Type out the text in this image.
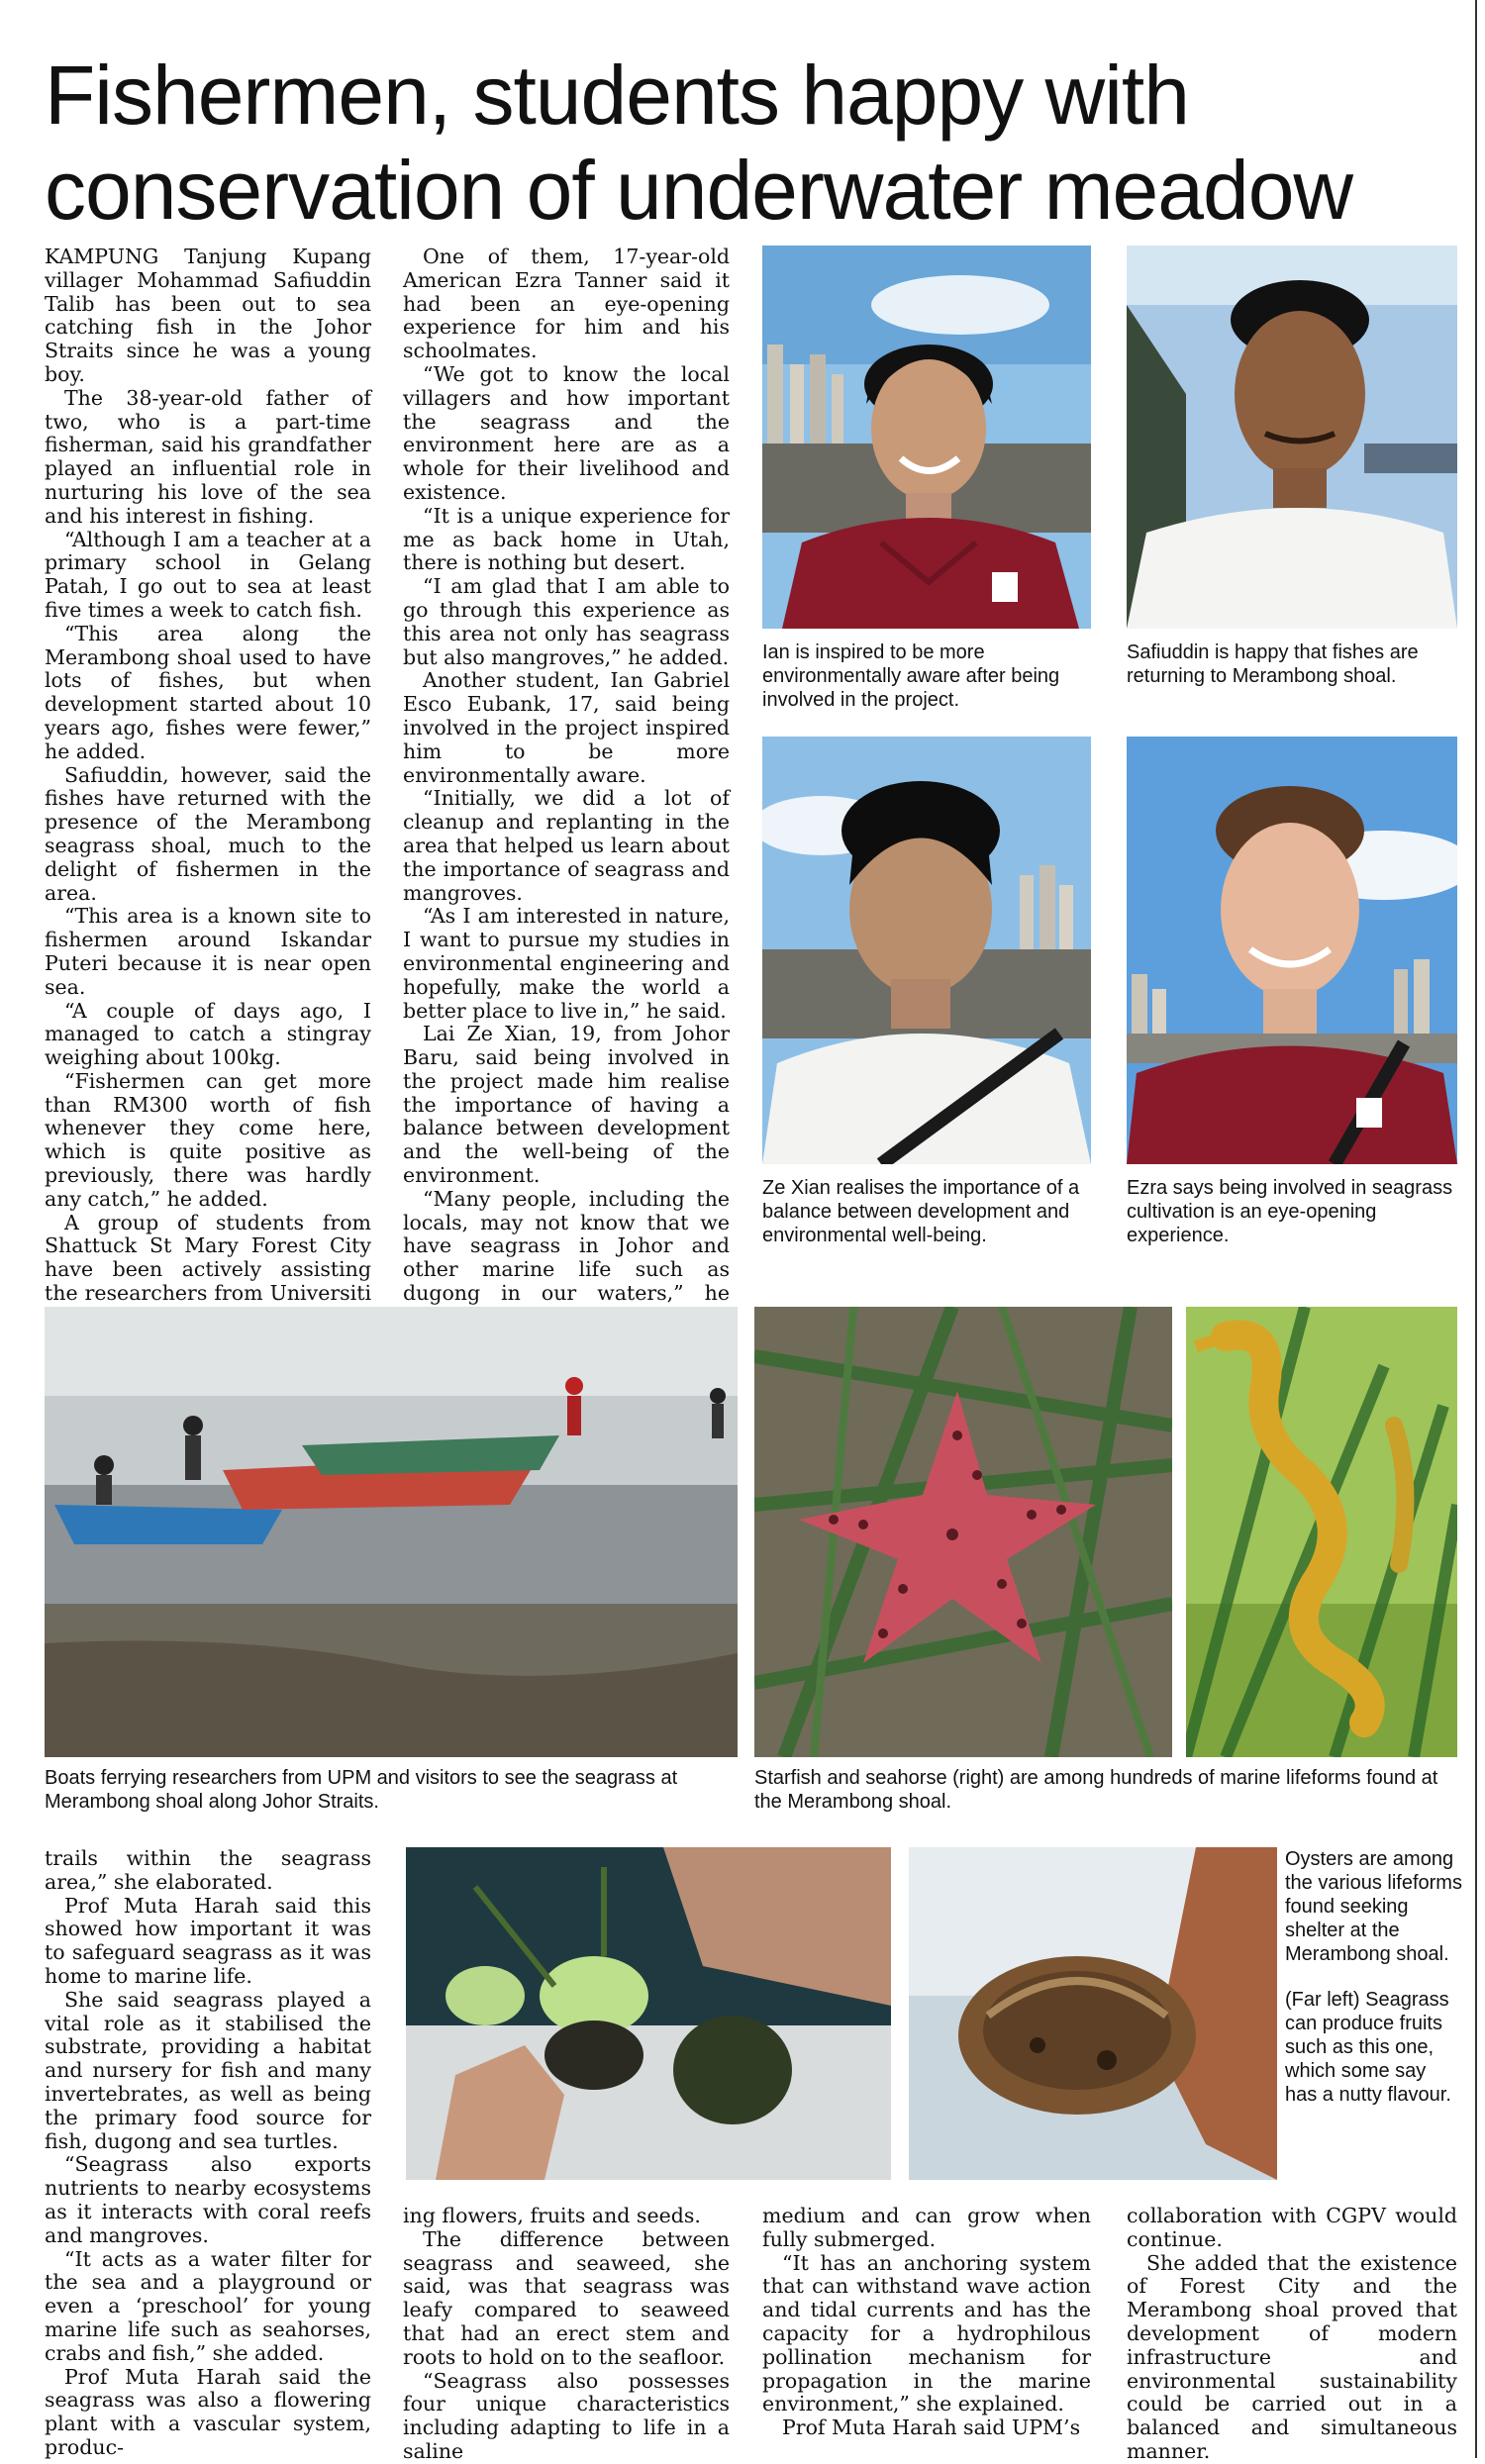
Fishermen, students happy with conservation of underwater meadow

KAMPUNG Tanjung Kupang villager Mohammad Safiuddin Talib has been out to sea catching fish in the Johor Straits since he was a young boy.

The 38-year-old father of two, who is a part-time fisherman, said his grandfather played an influential role in nurturing his love of the sea and his interest in fishing.

“Although I am a teacher at a primary school in Gelang Patah, I go out to sea at least five times a week to catch fish.

“This area along the Merambong shoal used to have lots of fishes, but when development started about 10 years ago, fishes were fewer,” he added.

Safiuddin, however, said the fishes have returned with the presence of the Merambong seagrass shoal, much to the delight of fishermen in the area.

“This area is a known site to fishermen around Iskandar Puteri because it is near open sea.

“A couple of days ago, I managed to catch a stingray weighing about 100kg.

“Fishermen can get more than RM300 worth of fish whenever they come here, which is quite positive as previously, there was hardly any catch,” he added.

A group of students from Shattuck St Mary Forest City have been actively assisting the researchers from Universiti

One of them, 17-year-old American Ezra Tanner said it had been an eye-opening experience for him and his schoolmates.

“We got to know the local villagers and how important the seagrass and the environment here are as a whole for their livelihood and existence.

“It is a unique experience for me as back home in Utah, there is nothing but desert.

“I am glad that I am able to go through this experience as this area not only has seagrass but also mangroves,” he added.

Another student, Ian Gabriel Esco Eubank, 17, said being involved in the project inspired him to be more environmentally aware.

“Initially, we did a lot of cleanup and replanting in the area that helped us learn about the importance of seagrass and mangroves.

“As I am interested in nature, I want to pursue my studies in environmental engineering and hopefully, make the world a better place to live in,” he said.

Lai Ze Xian, 19, from Johor Baru, said being involved in the project made him realise the importance of having a balance between development and the well-being of the environment.

“Many people, including the locals, may not know that we have seagrass in Johor and other marine life such as dugong in our waters,” he

Ian is inspired to be more environmentally aware after being involved in the project.
Safiuddin is happy that fishes are returning to Merambong shoal.
Ze Xian realises the importance of a balance between development and environmental well-being.
Ezra says being involved in seagrass cultivation is an eye-opening experience.
Boats ferrying researchers from UPM and visitors to see the seagrass at Merambong shoal along Johor Straits.
Starfish and seahorse (right) are among hundreds of marine lifeforms found at the Merambong shoal.

Oysters are among the various lifeforms found seeking shelter at the Merambong shoal.

(Far left) Seagrass can produce fruits such as this one, which some say has a nutty flavour.

trails within the seagrass area,” she elaborated.

Prof Muta Harah said this showed how important it was to safeguard seagrass as it was home to marine life.

She said seagrass played a vital role as it stabilised the substrate, providing a habitat and nursery for fish and many invertebrates, as well as being the primary food source for fish, dugong and sea turtles.

“Seagrass also exports nutrients to nearby ecosystems as it interacts with coral reefs and mangroves.

“It acts as a water filter for the sea and a playground or even a ‘preschool’ for young marine life such as seahorses, crabs and fish,” she added.

Prof Muta Harah said the seagrass was also a flowering plant with a vascular system, produc-

ing flowers, fruits and seeds.

The difference between seagrass and seaweed, she said, was that seagrass was leafy compared to seaweed that had an erect stem and roots to hold on to the seafloor.

“Seagrass also possesses four unique characteristics including adapting to life in a saline

medium and can grow when fully submerged.

“It has an anchoring system that can withstand wave action and tidal currents and has the capacity for a hydrophilous pollination mechanism for propagation in the marine environment,” she explained.

Prof Muta Harah said UPM’s

collaboration with CGPV would continue.

She added that the existence of Forest City and the Merambong shoal proved that development of modern infrastructure and environmental sustainability could be carried out in a balanced and simultaneous manner.
